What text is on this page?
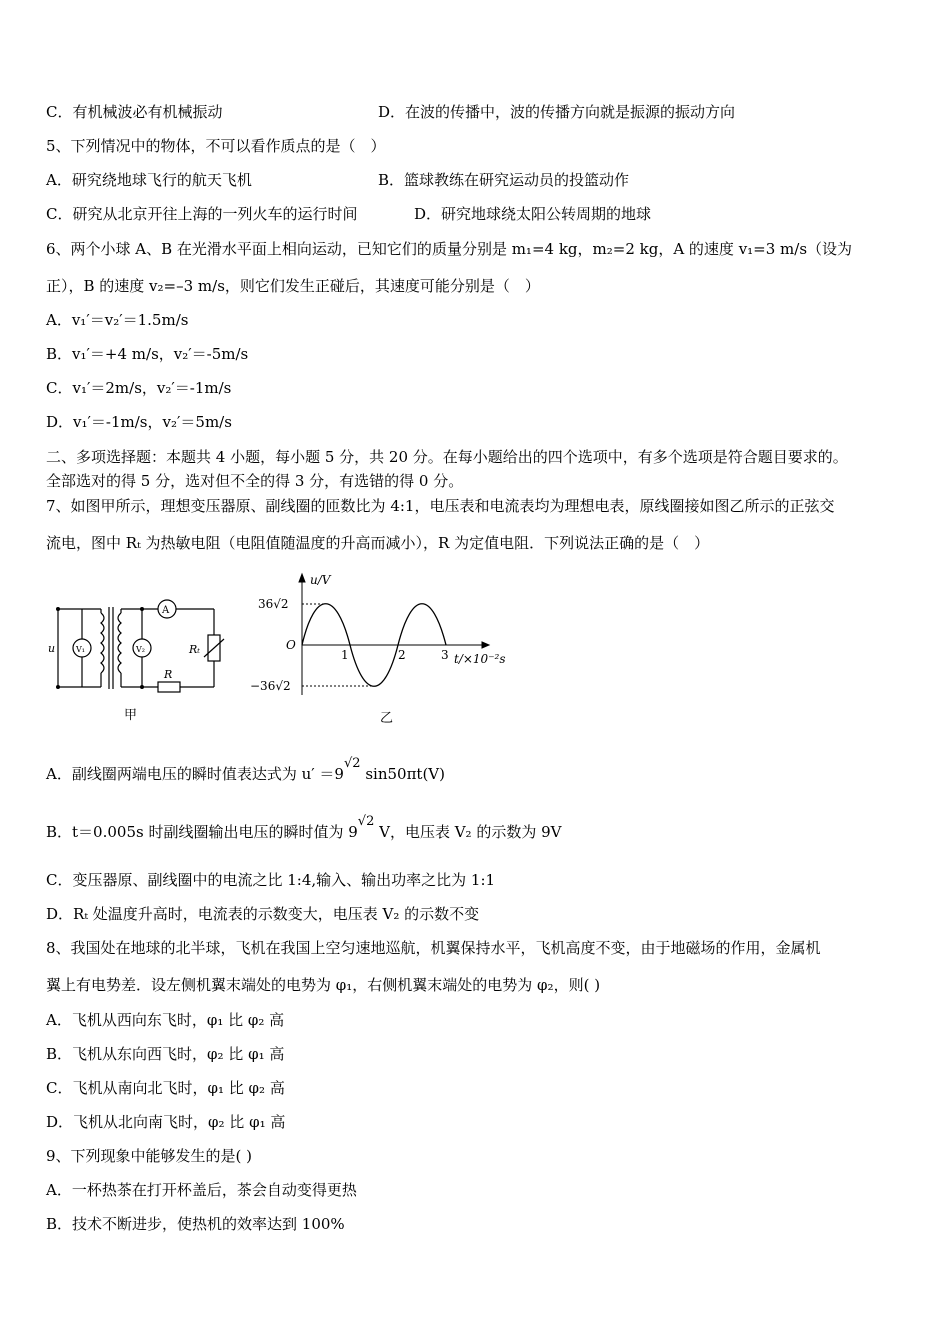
C．有机械波必有机械振动	D．在波的传播中，波的传播方向就是振源的振动方向
5、下列情况中的物体，不可以看作质点的是（　）
A．研究绕地球飞行的航天飞机	B．篮球教练在研究运动员的投篮动作
C．研究从北京开往上海的一列火车的运行时间	D．研究地球绕太阳公转周期的地球
6、两个小球 A、B 在光滑水平面上相向运动，已知它们的质量分别是 m₁=4 kg，m₂=2 kg，A 的速度 v₁=3 m/s（设为
正），B 的速度 v₂=–3 m/s，则它们发生正碰后，其速度可能分别是（　）
A．v₁′＝v₂′＝1.5m/s
B．v₁′＝+4 m/s，v₂′＝-5m/s
C．v₁′＝2m/s，v₂′＝-1m/s
D．v₁′＝-1m/s，v₂′＝5m/s
二、多项选择题：本题共 4 小题，每小题 5 分，共 20 分。在每小题给出的四个选项中，有多个选项是符合题目要求的。
全部选对的得 5 分，选对但不全的得 3 分，有选错的得 0 分。
7、如图甲所示，理想变压器原、副线圈的匝数比为 4:1，电压表和电流表均为理想电表，原线圈接如图乙所示的正弦交
流电，图中 Rₜ 为热敏电阻（电阻值随温度的升高而减小），R 为定值电阻．下列说法正确的是（　）
u	V₁	V₂
A
Rₜ
R
甲
u/V
36√2
−36√2
O
1	2	3 t/×10⁻²s
乙
A．副线圈两端电压的瞬时值表达式为 u′ ＝9√2 sin50πt(V)
B．t＝0.005s 时副线圈输出电压的瞬时值为 9√2 V，电压表 V₂ 的示数为 9V
C．变压器原、副线圈中的电流之比 1:4,输入、输出功率之比为 1:1
D．Rₜ 处温度升高时，电流表的示数变大，电压表 V₂ 的示数不变
8、我国处在地球的北半球，飞机在我国上空匀速地巡航，机翼保持水平，飞机高度不变，由于地磁场的作用，金属机
翼上有电势差．设左侧机翼末端处的电势为 φ₁，右侧机翼末端处的电势为 φ₂，则( )
A．飞机从西向东飞时，φ₁ 比 φ₂ 高
B．飞机从东向西飞时，φ₂ 比 φ₁ 高
C．飞机从南向北飞时，φ₁ 比 φ₂ 高
D．飞机从北向南飞时，φ₂ 比 φ₁ 高
9、下列现象中能够发生的是( )
A．一杯热茶在打开杯盖后，茶会自动变得更热
B．技术不断进步，使热机的效率达到 100%
